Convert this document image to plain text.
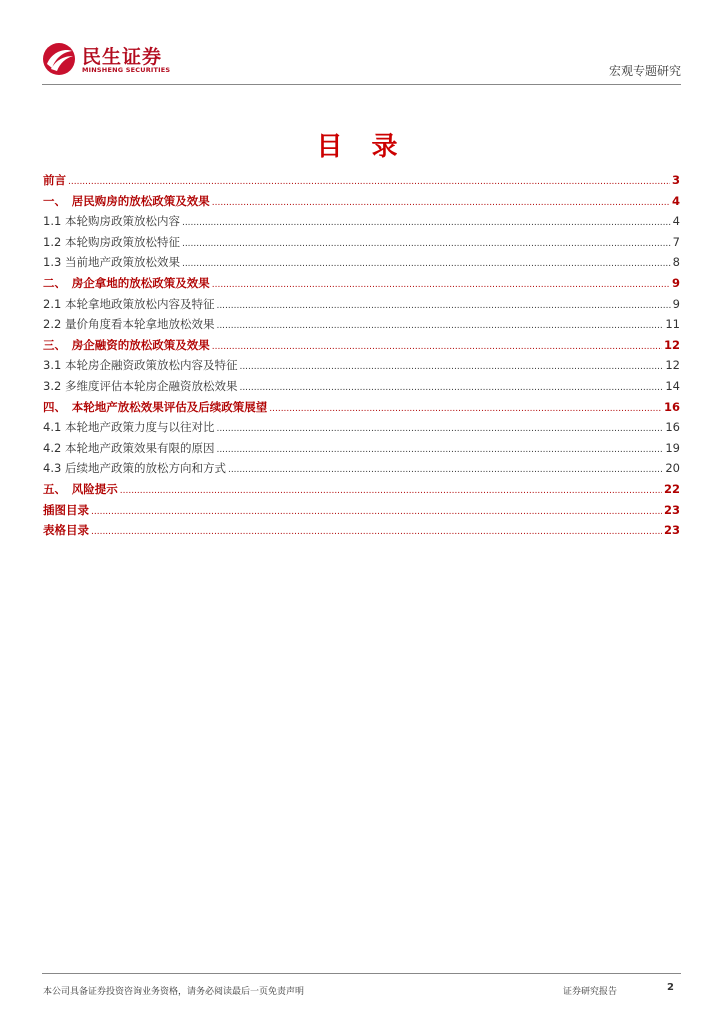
民生证券
MINSHENG SECURITIES	宏观专题研究
目 录
前言 .....	3
一、　居民购房的放松政策及效果 .....	4
1.1 本轮购房政策放松内容 .....	4
1.2 本轮购房政策放松特征 .....	7
1.3 当前地产政策放松效果 .....	8
二、　房企拿地的放松政策及效果 .....	9
2.1 本轮拿地政策放松内容及特征 .....	9
2.2 量价角度看本轮拿地放松效果 .....	11
三、　房企融资的放松政策及效果 .....	12
3.1 本轮房企融资政策放松内容及特征 .....	12
3.2 多维度评估本轮房企融资放松效果 .....	14
四、　本轮地产放松效果评估及后续政策展望 .....	16
4.1 本轮地产政策力度与以往对比 .....	16
4.2 本轮地产政策效果有限的原因 .....	19
4.3 后续地产政策的放松方向和方式 .....	20
五、　风险提示 .....	22
插图目录 .....	23
表格目录 .....	23
本公司具备证券投资咨询业务资格，请务必阅读最后一页免责声明	证券研究报告	2
